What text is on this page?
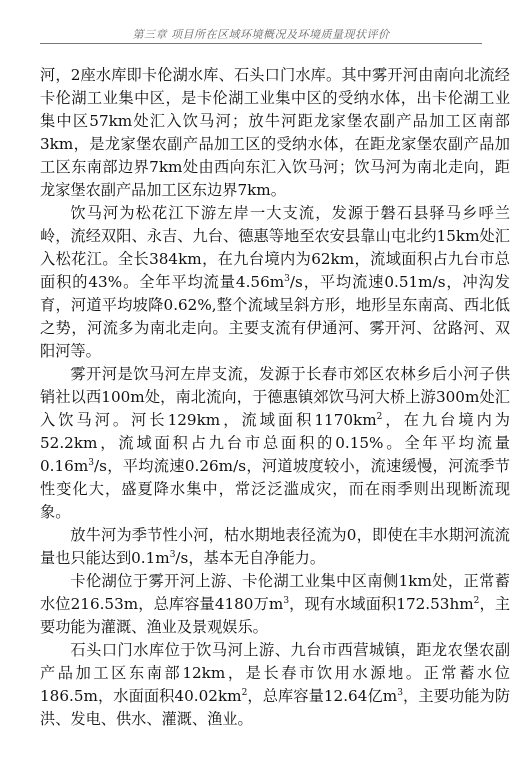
第三章 项目所在区域环境概况及环境质量现状评价

河，2座水库即卡伦湖水库、石头口门水库。其中雾开河由南向北流经卡伦湖工业集中区，是卡伦湖工业集中区的受纳水体，出卡伦湖工业集中区57km处汇入饮马河；放牛河距龙家堡农副产品加工区南部3km，是龙家堡农副产品加工区的受纳水体，在距龙家堡农副产品加工区东南部边界7km处由西向东汇入饮马河；饮马河为南北走向，距龙家堡农副产品加工区东边界7km。

饮马河为松花江下游左岸一大支流，发源于磐石县驿马乡呼兰岭，流经双阳、永吉、九台、德惠等地至农安县靠山屯北约15km处汇入松花江。全长384km，在九台境内为62km，流域面积占九台市总面积的43%。全年平均流量$4.56m^3/s$，平均流速0.51m/s，冲沟发育，河道平均坡降0.62%,整个流域呈斜方形，地形呈东南高、西北低之势，河流多为南北走向。主要支流有伊通河、雾开河、岔路河、双阳河等。

雾开河是饮马河左岸支流，发源于长春市郊区农林乡后小河子供销社以西100m处，南北流向，于德惠镇郊饮马河大桥上游300m处汇入饮马河。河长129km，流域面积$1170km^2$，在九台境内为52.2km，流域面积占九台市总面积的0.15%。全年平均流量$0.16m^3/s$，平均流速0.26m/s，河道坡度较小，流速缓慢，河流季节性变化大，盛夏降水集中，常泛泛滥成灾，而在雨季则出现断流现象。

放牛河为季节性小河，枯水期地表径流为0，即使在丰水期河流流量也只能达到$0.1m^3/s$，基本无自净能力。

卡伦湖位于雾开河上游、卡伦湖工业集中区南侧1km处，正常蓄水位216.53m，总库容量4180万$m^3$，现有水域面积$172.53hm^2$，主要功能为灌溉、渔业及景观娱乐。

石头口门水库位于饮马河上游、九台市西营城镇，距龙农堡农副产品加工区东南部12km，是长春市饮用水源地。正常蓄水位186.5m，水面面积$40.02km^2$，总库容量12.64亿$m^3$，主要功能为防洪、发电、供水、灌溉、渔业。
